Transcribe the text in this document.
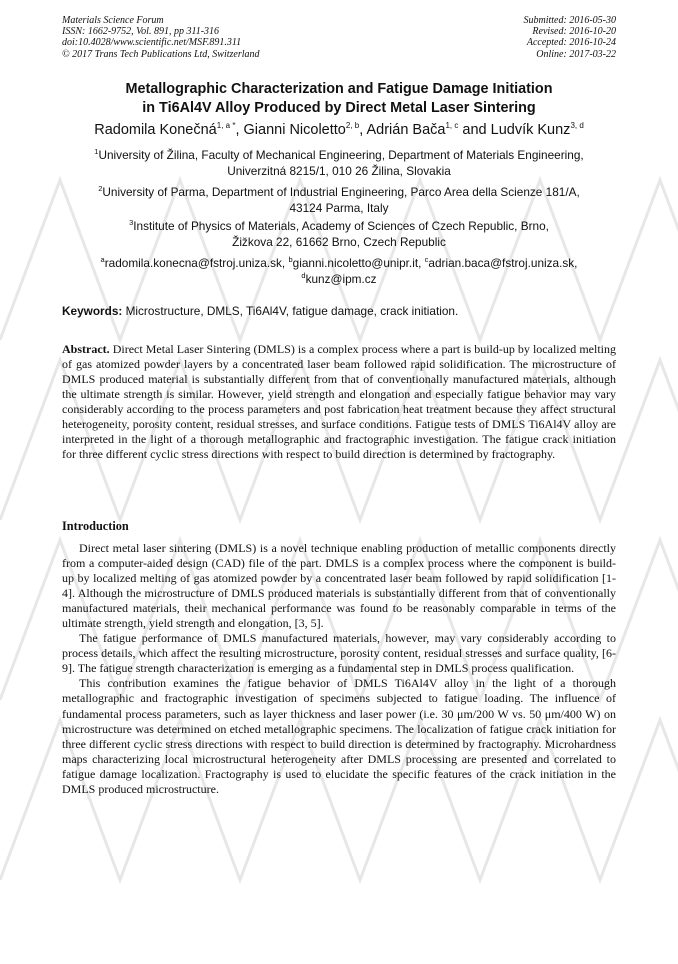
Materials Science Forum
ISSN: 1662-9752, Vol. 891, pp 311-316
doi:10.4028/www.scientific.net/MSF.891.311
© 2017 Trans Tech Publications Ltd, Switzerland
Submitted: 2016-05-30
Revised: 2016-10-20
Accepted: 2016-10-24
Online: 2017-03-22
Metallographic Characterization and Fatigue Damage Initiation
in Ti6Al4V Alloy Produced by Direct Metal Laser Sintering
Radomila Konečná$^{1, a *}$, Gianni Nicoletto$^{2, b}$, Adrián Bača$^{1, c}$ and Ludvík Kunz$^{3, d}$
$^1$University of Žilina, Faculty of Mechanical Engineering, Department of Materials Engineering,
Univerzitná 8215/1, 010 26 Žilina, Slovakia
$^2$University of Parma, Department of Industrial Engineering, Parco Area della Scienze 181/A,
43124 Parma, Italy
$^3$Institute of Physics of Materials, Academy of Sciences of Czech Republic, Brno,
Žižkova 22, 61662 Brno, Czech Republic
$^a$radomila.konecna@fstroj.uniza.sk, $^b$gianni.nicoletto@unipr.it, $^c$adrian.baca@fstroj.uniza.sk,
$^d$kunz@ipm.cz
Keywords: Microstructure, DMLS, Ti6Al4V, fatigue damage, crack initiation.
Abstract. Direct Metal Laser Sintering (DMLS) is a complex process where a part is build-up by localized melting of gas atomized powder layers by a concentrated laser beam followed rapid solidification. The microstructure of DMLS produced material is substantially different from that of conventionally manufactured materials, although the ultimate strength is similar. However, yield strength and elongation and especially fatigue behavior may vary considerably according to the process parameters and post fabrication heat treatment because they affect structural heterogeneity, porosity content, residual stresses, and surface conditions. Fatigue tests of DMLS Ti6Al4V alloy are interpreted in the light of a thorough metallographic and fractographic investigation. The fatigue crack initiation for three different cyclic stress directions with respect to build direction is determined by fractography.
Introduction

Direct metal laser sintering (DMLS) is a novel technique enabling production of metallic components directly from a computer-aided design (CAD) file of the part. DMLS is a complex process where the component is build-up by localized melting of gas atomized powder by a concentrated laser beam followed by rapid solidification [1-4]. Although the microstructure of DMLS produced materials is substantially different from that of conventionally manufactured materials, their mechanical performance was found to be reasonably comparable in terms of the ultimate strength, yield strength and elongation, [3, 5].

The fatigue performance of DMLS manufactured materials, however, may vary considerably according to process details, which affect the resulting microstructure, porosity content, residual stresses and surface quality, [6-9]. The fatigue strength characterization is emerging as a fundamental step in DMLS process qualification.

This contribution examines the fatigue behavior of DMLS Ti6Al4V alloy in the light of a thorough metallographic and fractographic investigation of specimens subjected to fatigue loading. The influence of fundamental process parameters, such as layer thickness and laser power (i.e. 30 μm/200 W vs. 50 μm/400 W) on microstructure was determined on etched metallographic specimens. The localization of fatigue crack initiation for three different cyclic stress directions with respect to build direction is determined by fractography. Microhardness maps characterizing local microstructural heterogeneity after DMLS processing are presented and correlated to fatigue damage localization. Fractography is used to elucidate the specific features of the crack initiation in the DMLS produced microstructure.
